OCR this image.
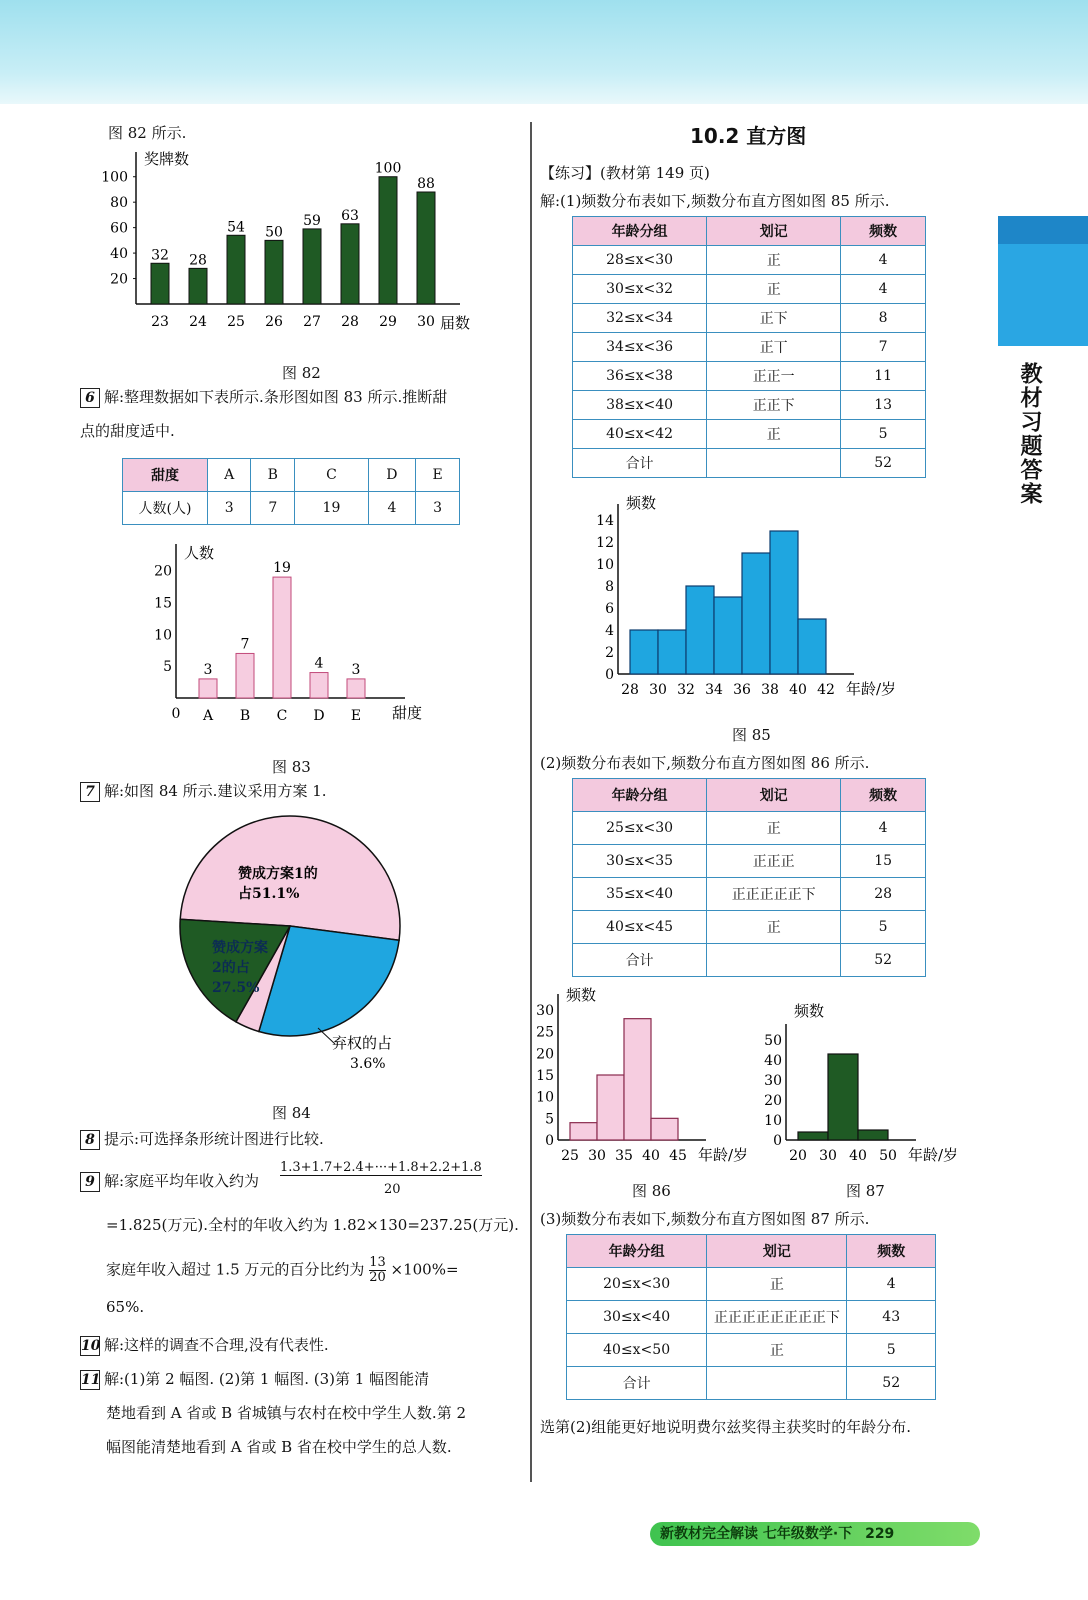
教材习题答案
图 82 所示.
奖牌数
届数
20
40
60
80
100
32
23
28
24
54
25
50
26
59
27
63
28
100
29
88
30
图 82
6 解:整理数据如下表所示.条形图如图 83 所示.推断甜
点的甜度适中.
甜度	A	B	C	D	E
人数(人)	3	7	19	4	3
人数
甜度
0
5
10
15
20
3
A
7
B
19
C
4
D
3
E
图 83
7 解:如图 84 所示.建议采用方案 1.
赞成方案1的
占51.1%
赞成方案
2的占
27.5%
弃权的占
3.6%
图 84
8 提示:可选择条形统计图进行比较.
9 解:家庭平均年收入约为
1.3+1.7+2.4+···+1.8+2.2+1.8
20
=1.825(万元).全村的年收入约为 1.82×130=237.25(万元).
家庭年收入超过 1.5 万元的百分比约为 $\frac{13}{20} \times 100\%=$
65%.
10 解:这样的调查不合理,没有代表性.
11 解:(1)第 2 幅图. (2)第 1 幅图. (3)第 1 幅图能清
楚地看到 A 省或 B 省城镇与农村在校中学生人数.第 2
幅图能清楚地看到 A 省或 B 省在校中学生的总人数.
10.2 直方图
【练习】(教材第 149 页)
解:(1)频数分布表如下,频数分布直方图如图 85 所示.
年龄分组	划记	频数
28≤x<30	正	4
30≤x<32	正	4
32≤x<34	正下	8
34≤x<36	正丅	7
36≤x<38	正正一	11
38≤x<40	正正下	13
40≤x<42	正	5
合计		52
频数
年龄/岁
0
2
4
6
8
10
12
14
28 30 32 34 36 38 40 42
图 85
(2)频数分布表如下,频数分布直方图如图 86 所示.
年龄分组	划记	频数
25≤x<30	正	4
30≤x<35	正正正	15
35≤x<40	正正正正正下	28
40≤x<45	正	5
合计		52
频数
年龄/岁
0
5
10
15
20
25
30
25 30 35 40 45
频数
年龄/岁
0
10
20
30
40
50
20 30 40 50
图 86	图 87
(3)频数分布表如下,频数分布直方图如图 87 所示.
年龄分组	划记	频数
20≤x<30	正	4
30≤x<40	正正正正正正正正下	43
40≤x<50	正	5
合计		52
选第(2)组能更好地说明费尔兹奖得主获奖时的年龄分布.
新教材完全解读 七年级数学·下 229
